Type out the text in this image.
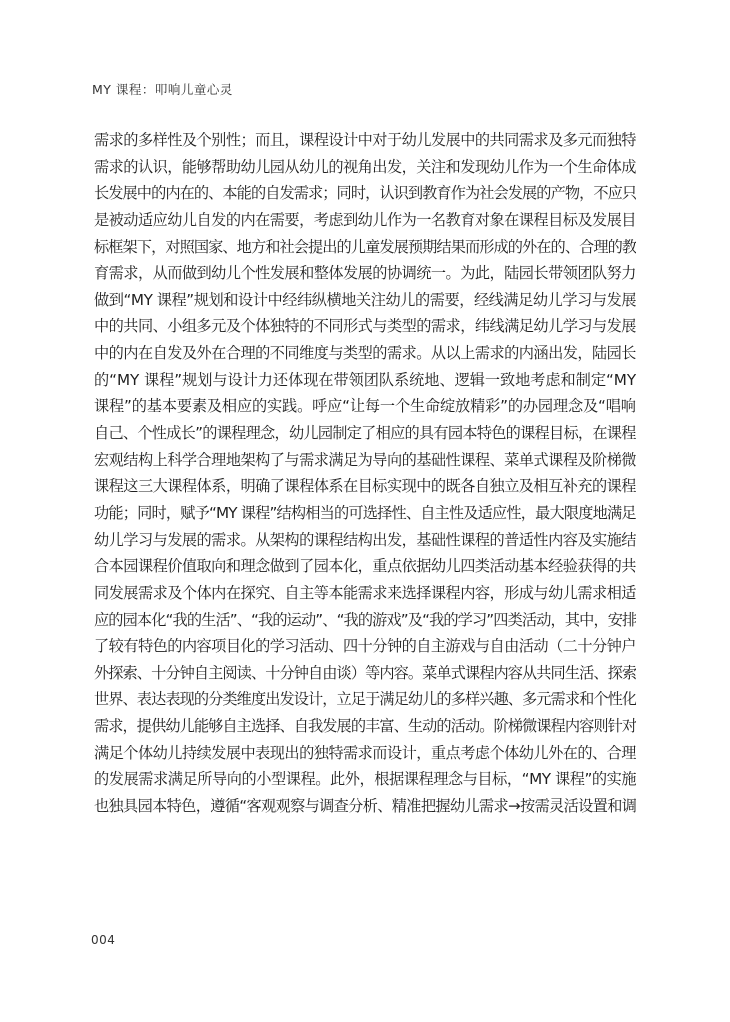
MY 课程：叩响儿童心灵
需求的多样性及个别性；而且，课程设计中对于幼儿发展中的共同需求及多元而独特
需求的认识，能够帮助幼儿园从幼儿的视角出发，关注和发现幼儿作为一个生命体成
长发展中的内在的、本能的自发需求；同时，认识到教育作为社会发展的产物，不应只
是被动适应幼儿自发的内在需要，考虑到幼儿作为一名教育对象在课程目标及发展目
标框架下，对照国家、地方和社会提出的儿童发展预期结果而形成的外在的、合理的教
育需求，从而做到幼儿个性发展和整体发展的协调统一。为此，陆园长带领团队努力
做到“MY 课程”规划和设计中经纬纵横地关注幼儿的需要，经线满足幼儿学习与发展
中的共同、小组多元及个体独特的不同形式与类型的需求，纬线满足幼儿学习与发展
中的内在自发及外在合理的不同维度与类型的需求。从以上需求的内涵出发，陆园长
的“MY 课程”规划与设计力还体现在带领团队系统地、逻辑一致地考虑和制定“MY
课程”的基本要素及相应的实践。呼应“让每一个生命绽放精彩”的办园理念及“唱响
自己、个性成长”的课程理念，幼儿园制定了相应的具有园本特色的课程目标，在课程
宏观结构上科学合理地架构了与需求满足为导向的基础性课程、菜单式课程及阶梯微
课程这三大课程体系，明确了课程体系在目标实现中的既各自独立及相互补充的课程
功能；同时，赋予“MY 课程”结构相当的可选择性、自主性及适应性，最大限度地满足
幼儿学习与发展的需求。从架构的课程结构出发，基础性课程的普适性内容及实施结
合本园课程价值取向和理念做到了园本化，重点依据幼儿四类活动基本经验获得的共
同发展需求及个体内在探究、自主等本能需求来选择课程内容，形成与幼儿需求相适
应的园本化“我的生活”、“我的运动”、“我的游戏”及“我的学习”四类活动，其中，安排
了较有特色的内容项目化的学习活动、四十分钟的自主游戏与自由活动（二十分钟户
外探索、十分钟自主阅读、十分钟自由谈）等内容。菜单式课程内容从共同生活、探索
世界、表达表现的分类维度出发设计，立足于满足幼儿的多样兴趣、多元需求和个性化
需求，提供幼儿能够自主选择、自我发展的丰富、生动的活动。阶梯微课程内容则针对
满足个体幼儿持续发展中表现出的独特需求而设计，重点考虑个体幼儿外在的、合理
的发展需求满足所导向的小型课程。此外，根据课程理念与目标，“MY 课程”的实施
也独具园本特色，遵循“客观观察与调查分析、精准把握幼儿需求→按需灵活设置和调
004
